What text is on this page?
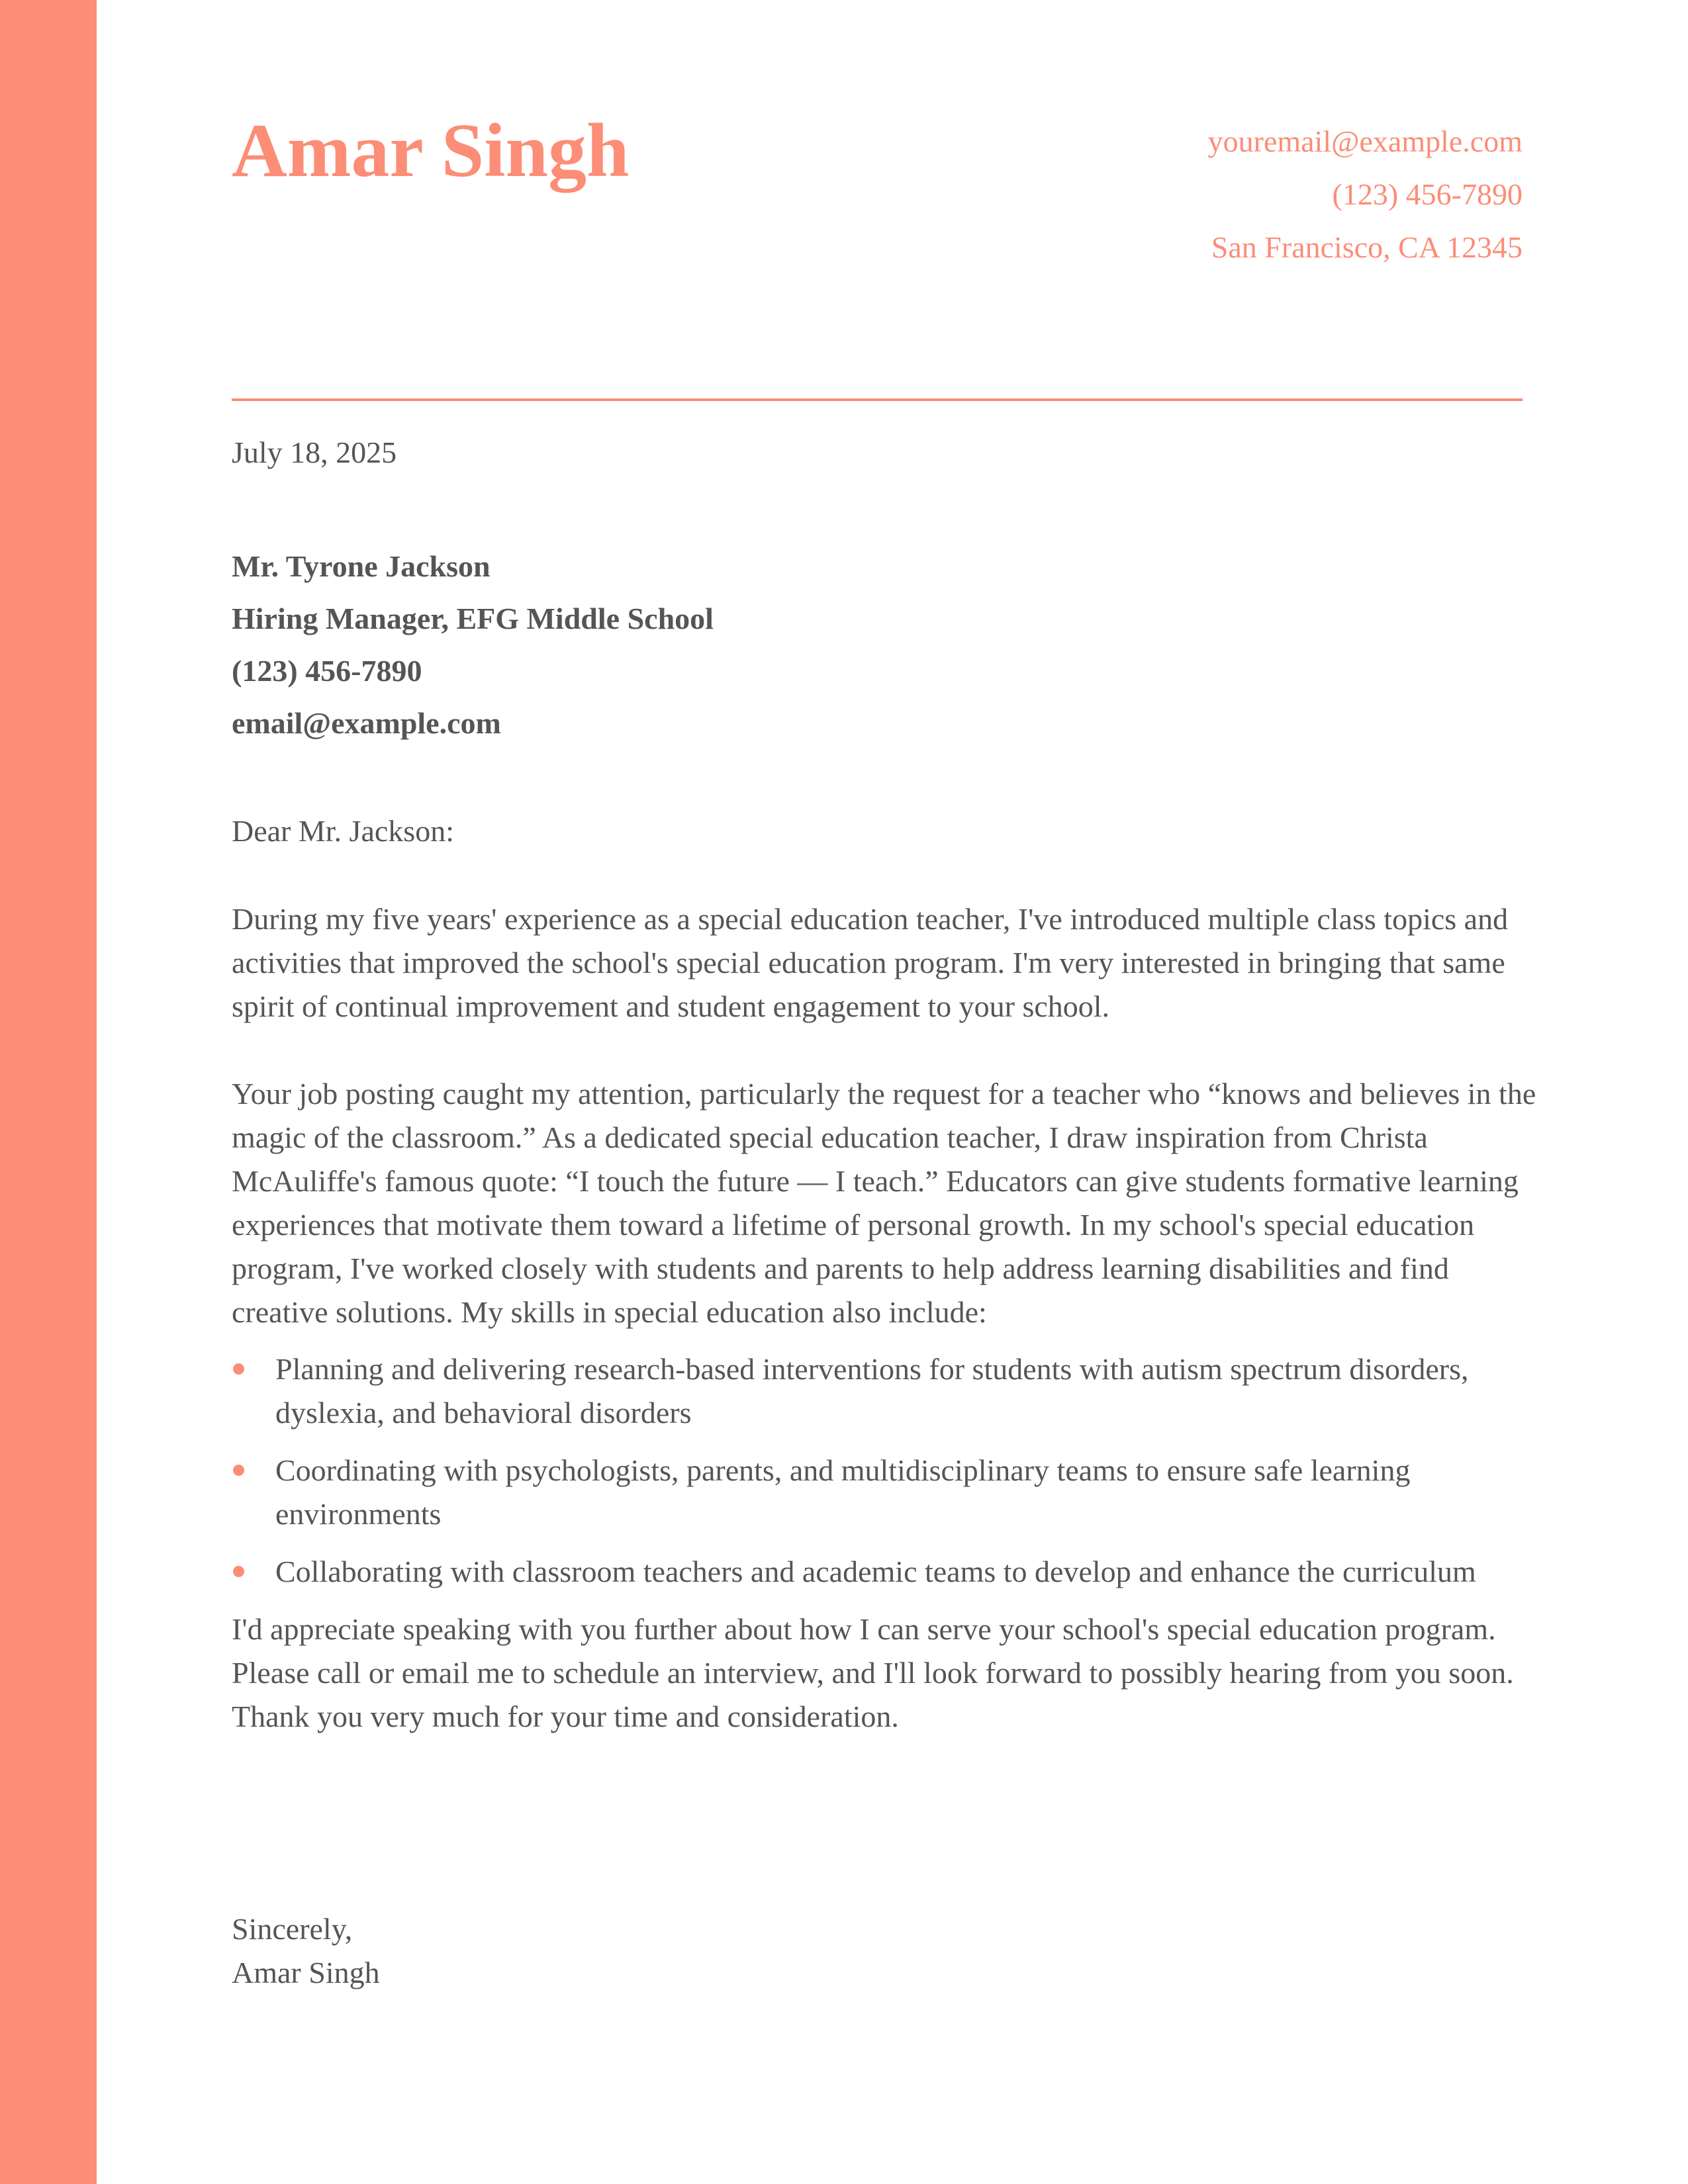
Amar Singh	youremail@example.com
(123) 456-7890
San Francisco, CA 12345
July 18, 2025
Mr. Tyrone Jackson
Hiring Manager, EFG Middle School
(123) 456-7890
email@example.com
Dear Mr. Jackson:

During my five years' experience as a special education teacher, I've introduced multiple class topics and activities that improved the school's special education program. I'm very interested in bringing that same spirit of continual improvement and student engagement to your school.

Your job posting caught my attention, particularly the request for a teacher who “knows and believes in the magic of the classroom.” As a dedicated special education teacher, I draw inspiration from Christa McAuliffe's famous quote: “I touch the future — I teach.” Educators can give students formative learning experiences that motivate them toward a lifetime of personal growth. In my school's special education program, I've worked closely with students and parents to help address learning disabilities and find creative solutions. My skills in special education also include:

Planning and delivering research-based interventions for students with autism spectrum disorders, dyslexia, and behavioral disorders
Coordinating with psychologists, parents, and multidisciplinary teams to ensure safe learning environments
Collaborating with classroom teachers and academic teams to develop and enhance the curriculum

I'd appreciate speaking with you further about how I can serve your school's special education program. Please call or email me to schedule an interview, and I'll look forward to possibly hearing from you soon. Thank you very much for your time and consideration.

Sincerely,
Amar Singh
